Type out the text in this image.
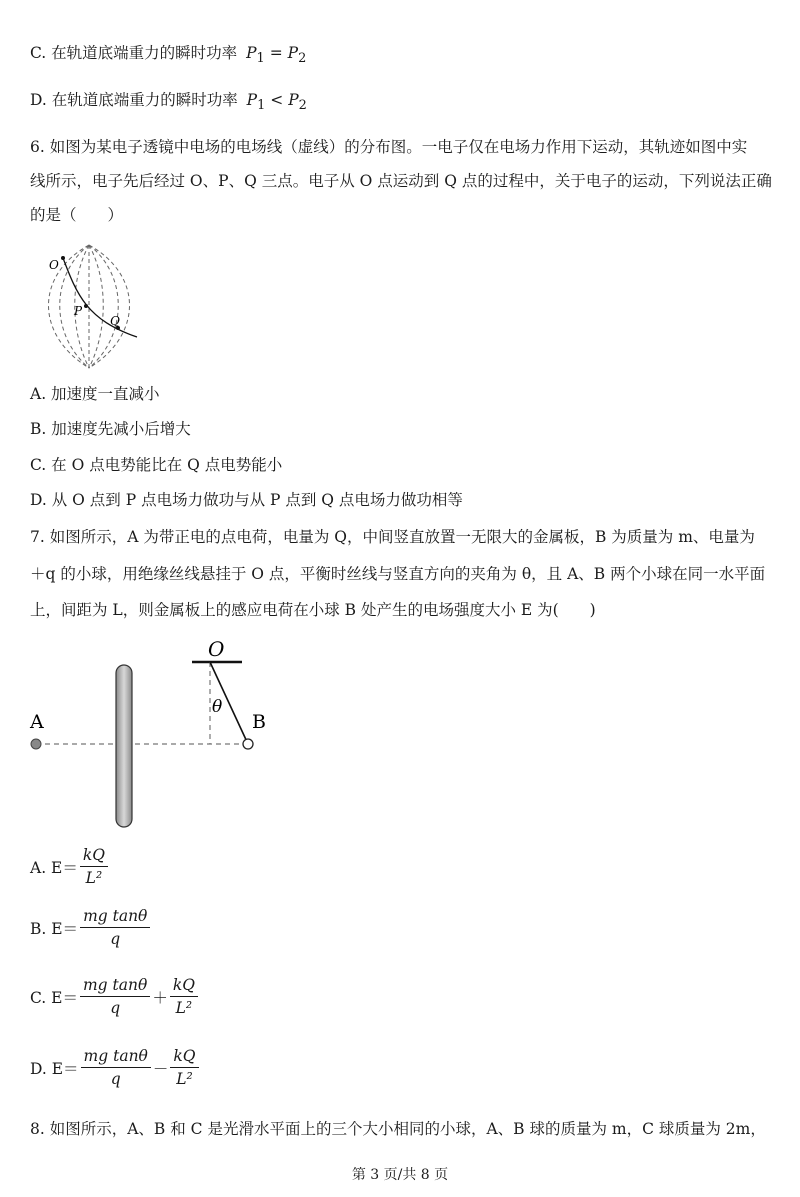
C. 在轨道底端重力的瞬时功率 $P_1 = P_2$
D. 在轨道底端重力的瞬时功率 $P_1 < P_2$
6. 如图为某电子透镜中电场的电场线（虚线）的分布图。一电子仅在电场力作用下运动，其轨迹如图中实
线所示，电子先后经过 O、P、Q 三点。电子从 O 点运动到 Q 点的过程中，关于电子的运动，下列说法正确
的是（　　）
O
P
Q
A. 加速度一直减小
B. 加速度先减小后增大
C. 在 O 点电势能比在 Q 点电势能小
D. 从 O 点到 P 点电场力做功与从 P 点到 Q 点电场力做功相等
7. 如图所示，A 为带正电的点电荷，电量为 Q，中间竖直放置一无限大的金属板，B 为质量为 m、电量为
＋q 的小球，用绝缘丝线悬挂于 O 点，平衡时丝线与竖直方向的夹角为 θ，且 A、B 两个小球在同一水平面
上，间距为 L，则金属板上的感应电荷在小球 B 处产生的电场强度大小 E 为(　　)
O
A	B
θ
A. $E= \frac{kQ}{\text{L²}}$
B. $E= \frac{\text{mg tanθ}}{q}$
C. $E= \frac{\text{mg tanθ}}{q} + \frac{kQ}{\text{L²}}$
D. $E= \frac{\text{mg tanθ}}{q} - \frac{kQ}{\text{L²}}$
8. 如图所示，A、B 和 C 是光滑水平面上的三个大小相同的小球，A、B 球的质量为 m，C 球质量为 2m，
第 3 页/共 8 页
